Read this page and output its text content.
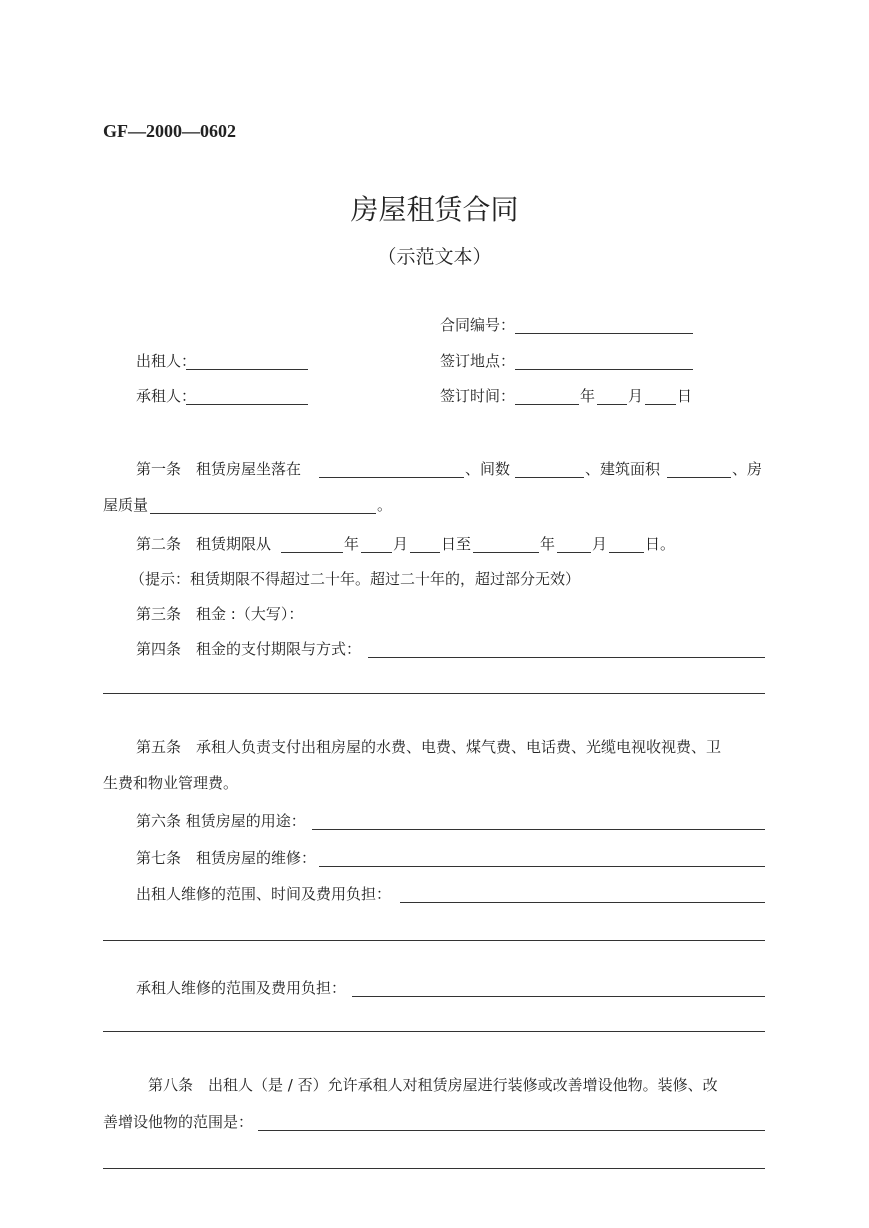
GF—2000—0602
房屋租赁合同
（示范文本）
合同编号：
出租人：	签订地点：
承租人：	签订时间：	年 月 日
第一条　租赁房屋坐落在	、间数	、建筑面积	、房
屋质量	。
第二条　租赁期限从	年 月 日至	年 月	日。
（提示：租赁期限不得超过二十年。超过二十年的，超过部分无效）
第三条　租金 :（大写）：
第四条　租金的支付期限与方式：
第五条　承租人负责支付出租房屋的水费、电费、煤气费、电话费、光缆电视收视费、卫
生费和物业管理费。
第六条 租赁房屋的用途：
第七条　租赁房屋的维修：
出租人维修的范围、时间及费用负担：
承租人维修的范围及费用负担：
第八条　出租人（是 / 否）允许承租人对租赁房屋进行装修或改善增设他物。装修、改
善增设他物的范围是：
